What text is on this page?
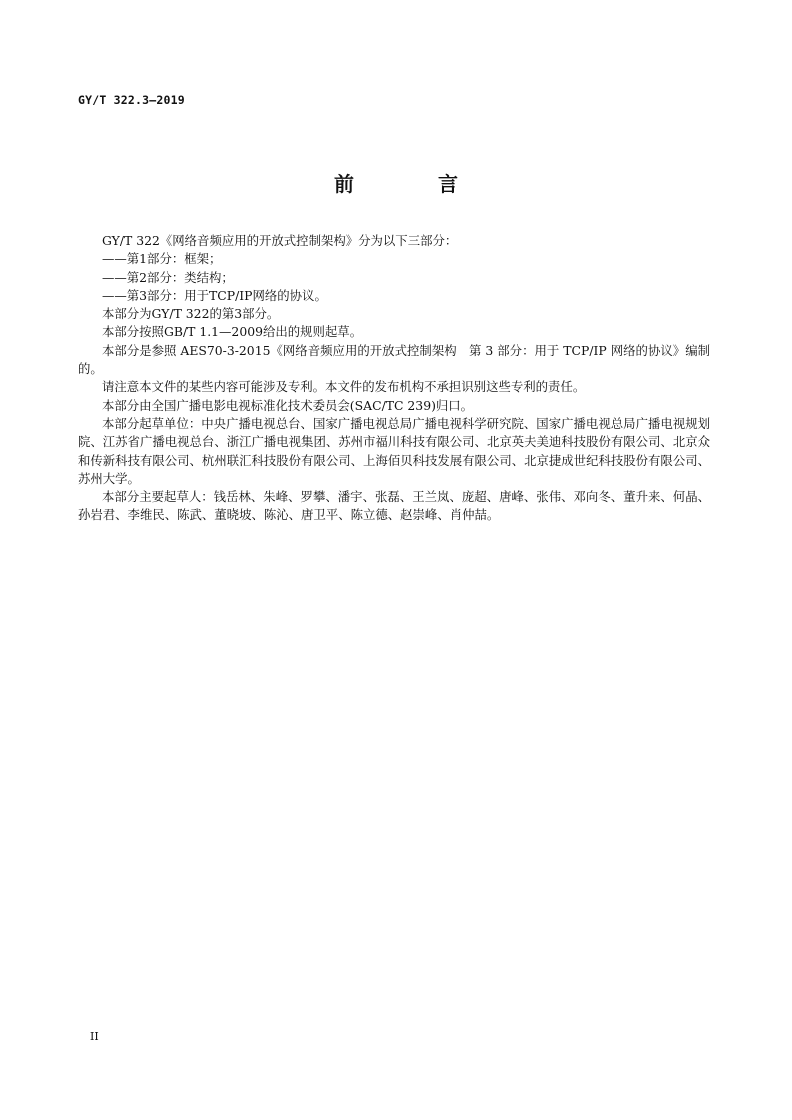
GY/T 322.3—2019
前　言

GY/T 322《网络音频应用的开放式控制架构》分为以下三部分：

——第1部分：框架；

——第2部分：类结构；

——第3部分：用于TCP/IP网络的协议。

本部分为GY/T 322的第3部分。

本部分按照GB/T 1.1—2009给出的规则起草。

本部分是参照 AES70-3-2015《网络音频应用的开放式控制架构　第 3 部分：用于 TCP/IP 网络的协议》编制的。

请注意本文件的某些内容可能涉及专利。本文件的发布机构不承担识别这些专利的责任。

本部分由全国广播电影电视标准化技术委员会(SAC/TC 239)归口。

本部分起草单位：中央广播电视总台、国家广播电视总局广播电视科学研究院、国家广播电视总局广播电视规划院、江苏省广播电视总台、浙江广播电视集团、苏州市福川科技有限公司、北京英夫美迪科技股份有限公司、北京众和传新科技有限公司、杭州联汇科技股份有限公司、上海佰贝科技发展有限公司、北京捷成世纪科技股份有限公司、苏州大学。

本部分主要起草人：钱岳林、朱峰、罗攀、潘宇、张磊、王兰岚、庞超、唐峰、张伟、邓向冬、董升来、何晶、孙岩君、李维民、陈武、董晓坡、陈沁、唐卫平、陈立德、赵崇峰、肖仲喆。

II
